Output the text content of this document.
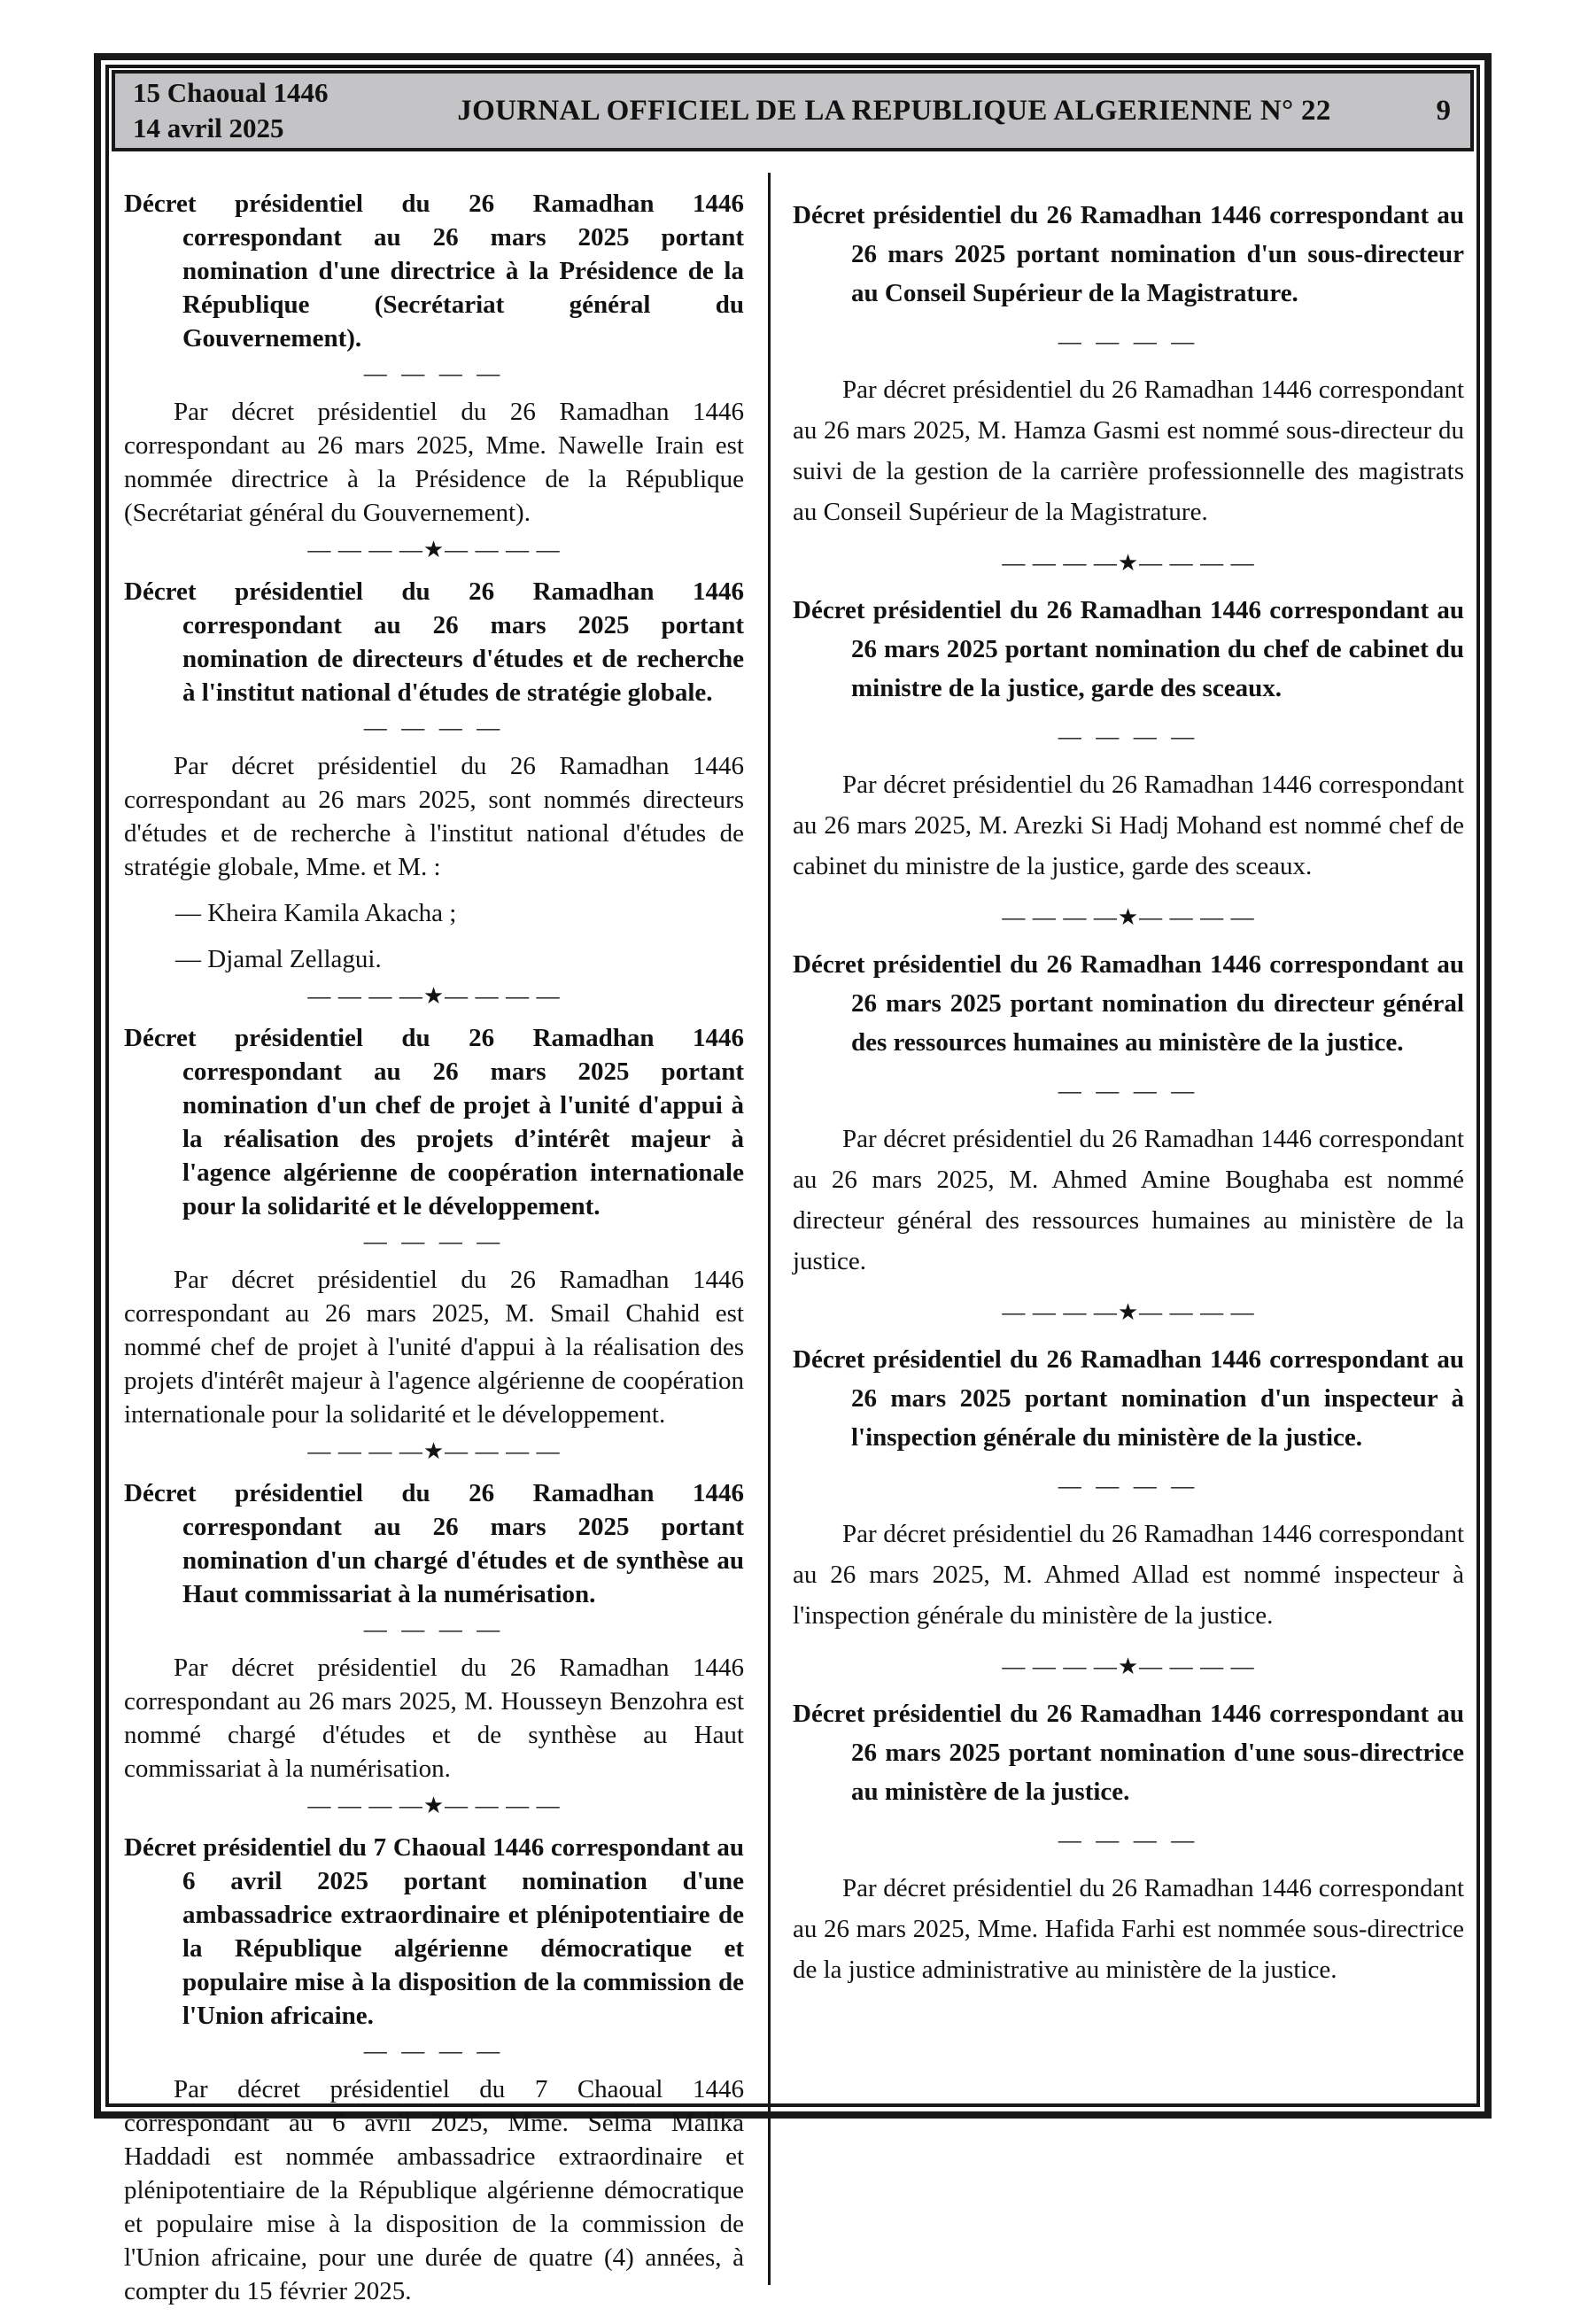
15 Chaoual 1446
14 avril 2025
JOURNAL OFFICIEL DE LA REPUBLIQUE ALGERIENNE N° 22	9
Décret présidentiel du 26 Ramadhan 1446 correspondant au 26 mars 2025 portant nomination d'une directrice à la Présidence de la République (Secrétariat général du Gouvernement).
— — — —

Par décret présidentiel du 26 Ramadhan 1446 correspondant au 26 mars 2025, Mme. Nawelle Irain est nommée directrice à la Présidence de la République (Secrétariat général du Gouvernement).

— — — —★— — — —
Décret présidentiel du 26 Ramadhan 1446 correspondant au 26 mars 2025 portant nomination de directeurs d'études et de recherche à l'institut national d'études de stratégie globale.
— — — —

Par décret présidentiel du 26 Ramadhan 1446 correspondant au 26 mars 2025, sont nommés directeurs d'études et de recherche à l'institut national d'études de stratégie globale, Mme. et M. :

— Kheira Kamila Akacha ;

— Djamal Zellagui.

— — — —★— — — —
Décret présidentiel du 26 Ramadhan 1446 correspondant au 26 mars 2025 portant nomination d'un chef de projet à l'unité d'appui à la réalisation des projets d’intérêt majeur à l'agence algérienne de coopération internationale pour la solidarité et le développement.
— — — —

Par décret présidentiel du 26 Ramadhan 1446 correspondant au 26 mars 2025, M. Smail Chahid est nommé chef de projet à l'unité d'appui à la réalisation des projets d'intérêt majeur à l'agence algérienne de coopération internationale pour la solidarité et le développement.

— — — —★— — — —
Décret présidentiel du 26 Ramadhan 1446 correspondant au 26 mars 2025 portant nomination d'un chargé d'études et de synthèse au Haut commissariat à la numérisation.
— — — —

Par décret présidentiel du 26 Ramadhan 1446 correspondant au 26 mars 2025, M. Housseyn Benzohra est nommé chargé d'études et de synthèse au Haut commissariat à la numérisation.

— — — —★— — — —
Décret présidentiel du 7 Chaoual 1446 correspondant au 6 avril 2025 portant nomination d'une ambassadrice extraordinaire et plénipotentiaire de la République algérienne démocratique et populaire mise à la disposition de la commission de l'Union africaine.
— — — —

Par décret présidentiel du 7 Chaoual 1446 correspondant au 6 avril 2025, Mme. Selma Malika Haddadi est nommée ambassadrice extraordinaire et plénipotentiaire de la République algérienne démocratique et populaire mise à la disposition de la commission de l'Union africaine, pour une durée de quatre (4) années, à compter du 15 février 2025.

Décret présidentiel du 26 Ramadhan 1446 correspondant au 26 mars 2025 portant nomination d'un sous-directeur au Conseil Supérieur de la Magistrature.
— — — —

Par décret présidentiel du 26 Ramadhan 1446 correspondant au 26 mars 2025, M. Hamza Gasmi est nommé sous-directeur du suivi de la gestion de la carrière professionnelle des magistrats au Conseil Supérieur de la Magistrature.

— — — —★— — — —
Décret présidentiel du 26 Ramadhan 1446 correspondant au 26 mars 2025 portant nomination du chef de cabinet du ministre de la justice, garde des sceaux.
— — — —

Par décret présidentiel du 26 Ramadhan 1446 correspondant au 26 mars 2025, M. Arezki Si Hadj Mohand est nommé chef de cabinet du ministre de la justice, garde des sceaux.

— — — —★— — — —
Décret présidentiel du 26 Ramadhan 1446 correspondant au 26 mars 2025 portant nomination du directeur général des ressources humaines au ministère de la justice.
— — — —

Par décret présidentiel du 26 Ramadhan 1446 correspondant au 26 mars 2025, M. Ahmed Amine Boughaba est nommé directeur général des ressources humaines au ministère de la justice.

— — — —★— — — —
Décret présidentiel du 26 Ramadhan 1446 correspondant au 26 mars 2025 portant nomination d'un inspecteur à l'inspection générale du ministère de la justice.
— — — —

Par décret présidentiel du 26 Ramadhan 1446 correspondant au 26 mars 2025, M. Ahmed Allad est nommé inspecteur à l'inspection générale du ministère de la justice.

— — — —★— — — —
Décret présidentiel du 26 Ramadhan 1446 correspondant au 26 mars 2025 portant nomination d'une sous-directrice au ministère de la justice.
— — — —

Par décret présidentiel du 26 Ramadhan 1446 correspondant au 26 mars 2025, Mme. Hafida Farhi est nommée sous-directrice de la justice administrative au ministère de la justice.
